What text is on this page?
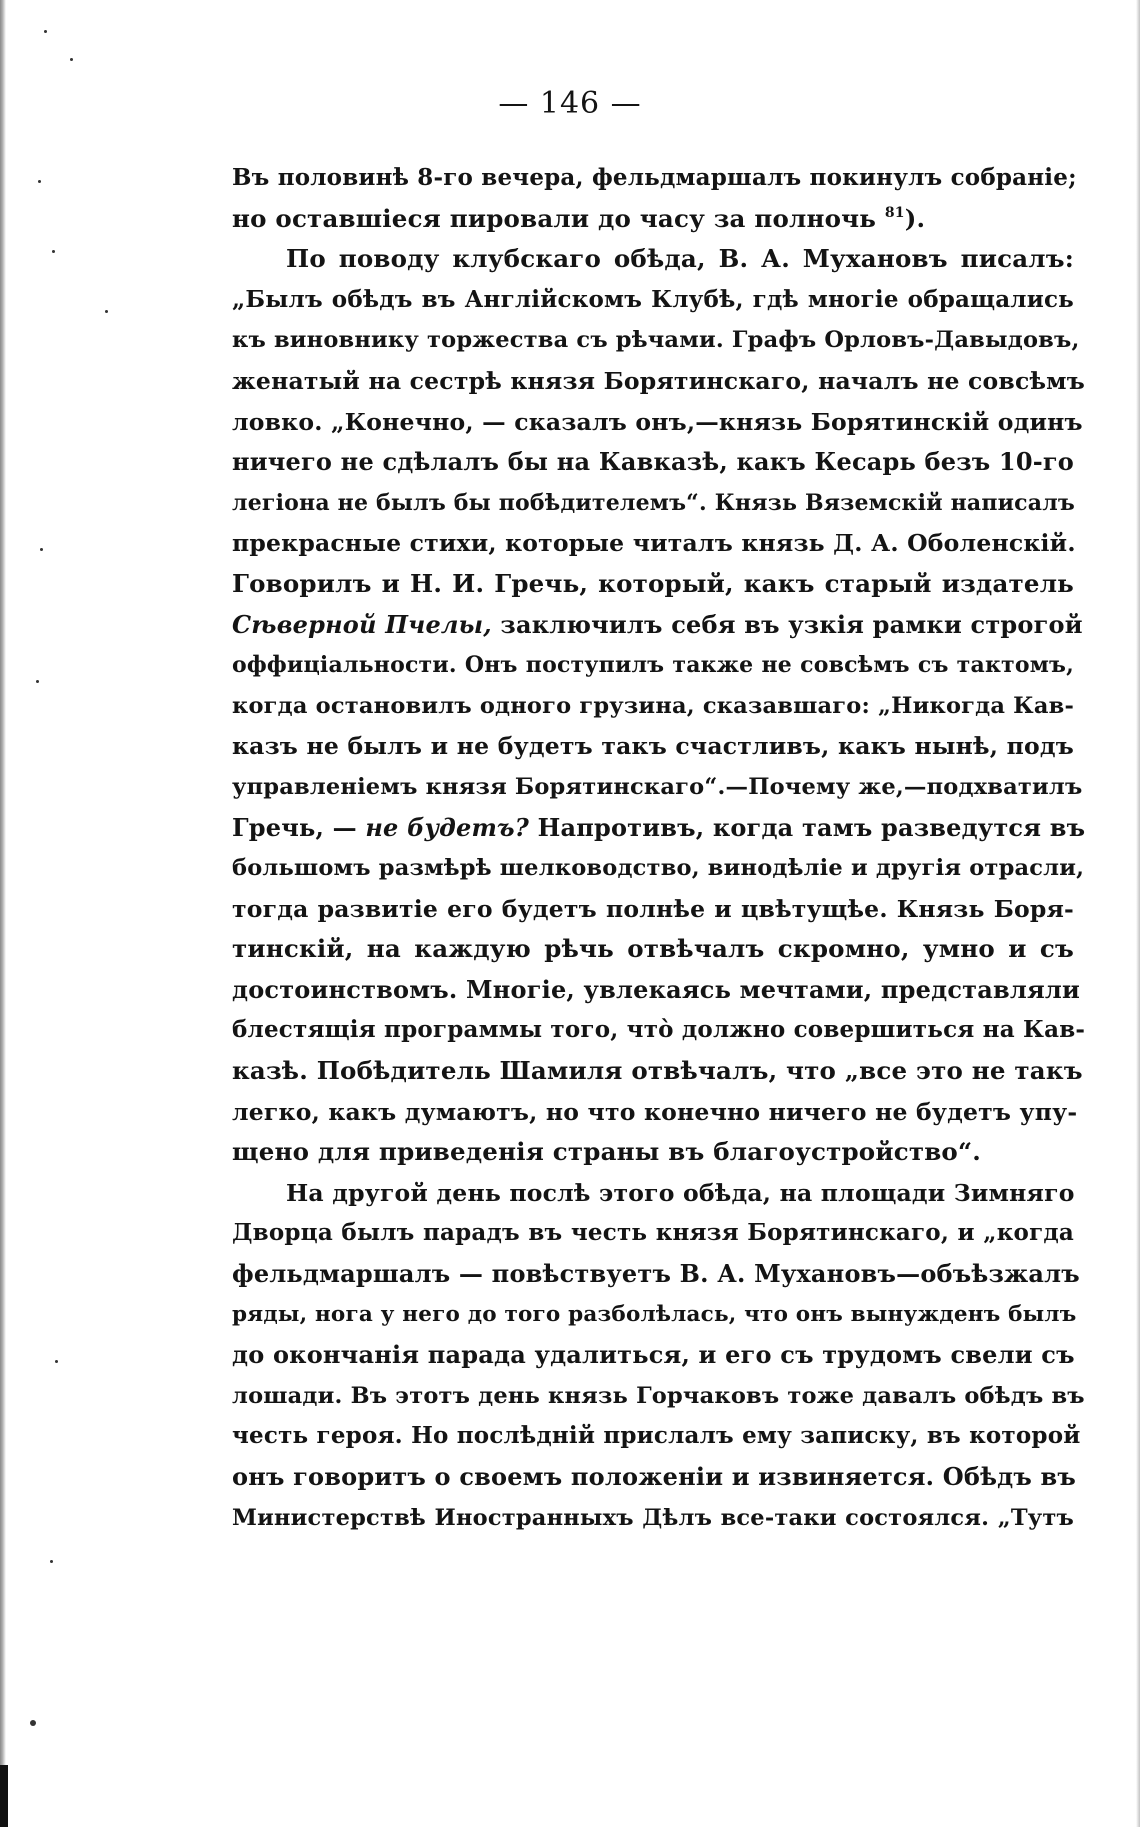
— 146 —
Въ половинѣ 8-го вечера, фельдмаршалъ покинулъ собраніе;
но оставшіеся пировали до часу за полночь $^{81}$).
По поводу клубскаго обѣда, В. А. Мухановъ писалъ:
„Былъ обѣдъ въ Англійскомъ Клубѣ, гдѣ многіе обращались
къ виновнику торжества съ рѣчами. Графъ Орловъ-Давыдовъ,
женатый на сестрѣ князя Борятинскаго, началъ не совсѣмъ
ловко. „Конечно, — сказалъ онъ,—князь Борятинскій одинъ
ничего не сдѣлалъ бы на Кавказѣ, какъ Кесарь безъ 10-го
легіона не былъ бы побѣдителемъ“. Князь Вяземскій написалъ
прекрасные стихи, которые читалъ князь Д. А. Оболенскій.
Говорилъ и Н. И. Гречь, который, какъ старый издатель
Сѣверной Пчелы, заключилъ себя въ узкія рамки строгой
оффиціальности. Онъ поступилъ также не совсѣмъ съ тактомъ,
когда остановилъ одного грузина, сказавшаго: „Никогда Кав-
казъ не былъ и не будетъ такъ счастливъ, какъ нынѣ, подъ
управленіемъ князя Борятинскаго“.—Почему же,—подхватилъ
Гречь, — не будетъ? Напротивъ, когда тамъ разведутся въ
большомъ размѣрѣ шелководство, винодѣліе и другія отрасли,
тогда развитіе его будетъ полнѣе и цвѣтущѣе. Князь Боря-
тинскій, на каждую рѣчь отвѣчалъ скромно, умно и съ
достоинствомъ. Многіе, увлекаясь мечтами, представляли
блестящія программы того, что̀ должно совершиться на Кав-
казѣ. Побѣдитель Шамиля отвѣчалъ, что „все это не такъ
легко, какъ думаютъ, но что конечно ничего не будетъ упу-
щено для приведенія страны въ благоустройство“.
На другой день послѣ этого обѣда, на площади Зимняго
Дворца былъ парадъ въ честь князя Борятинскаго, и „когда
фельдмаршалъ — повѣствуетъ В. А. Мухановъ—объѣзжалъ
ряды, нога у него до того разболѣлась, что онъ вынужденъ былъ
до окончанія парада удалиться, и его съ трудомъ свели съ
лошади. Въ этотъ день князь Горчаковъ тоже давалъ обѣдъ въ
честь героя. Но послѣдній прислалъ ему записку, въ которой
онъ говоритъ о своемъ положеніи и извиняется. Обѣдъ въ
Министерствѣ Иностранныхъ Дѣлъ все-таки состоялся. „Тутъ
